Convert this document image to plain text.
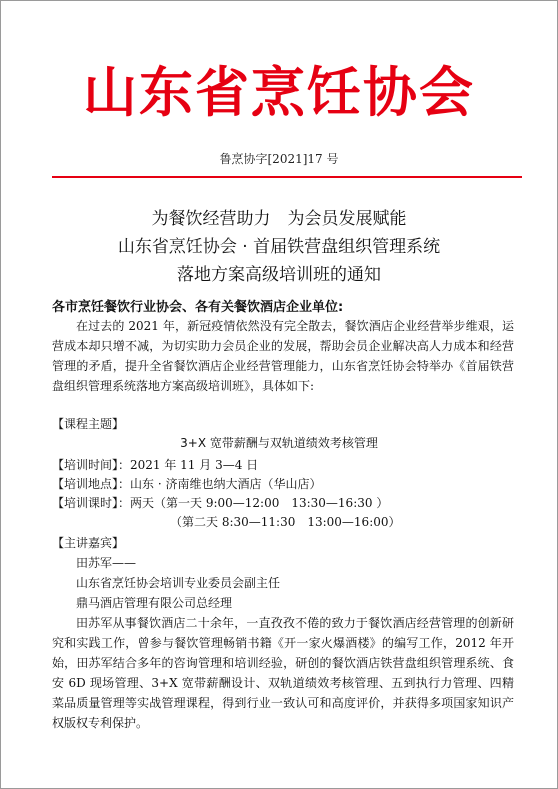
山东省烹饪协会
鲁烹协字[2021]17 号
为餐饮经营助力　为会员发展赋能
山东省烹饪协会 · 首届铁营盘组织管理系统
落地方案高级培训班的通知
各市烹饪餐饮行业协会、各有关餐饮酒店企业单位:
在过去的 2021 年，新冠疫情依然没有完全散去，餐饮酒店企业经营举步维艰，运营成本却只增不减，为切实助力会员企业的发展，帮助会员企业解决高人力成本和经营管理的矛盾，提升全省餐饮酒店企业经营管理能力，山东省烹饪协会特举办《首届铁营盘组织管理系统落地方案高级培训班》，具体如下:
【课程主题】
3+X 宽带薪酬与双轨道绩效考核管理
【培训时间】：2021 年 11 月 3—4 日
【培训地点】：山东 · 济南维也纳大酒店（华山店）
【培训课时】：两天（第一天 9:00—12:00　13:30—16:30 ）
（第二天 8:30—11:30　13:00—16:00）
【主讲嘉宾】
田苏军——
山东省烹饪协会培训专业委员会副主任
鼎马酒店管理有限公司总经理
田苏军从事餐饮酒店二十余年，一直孜孜不倦的致力于餐饮酒店经营管理的创新研究和实践工作，曾参与餐饮管理畅销书籍《开一家火爆酒楼》的编写工作，2012 年开始，田苏军结合多年的咨询管理和培训经验，研创的餐饮酒店铁营盘组织管理系统、食安 6D 现场管理、3+X 宽带薪酬设计、双轨道绩效考核管理、五到执行力管理、四精菜品质量管理等实战管理课程，得到行业一致认可和高度评价，并获得多项国家知识产权版权专利保护。
